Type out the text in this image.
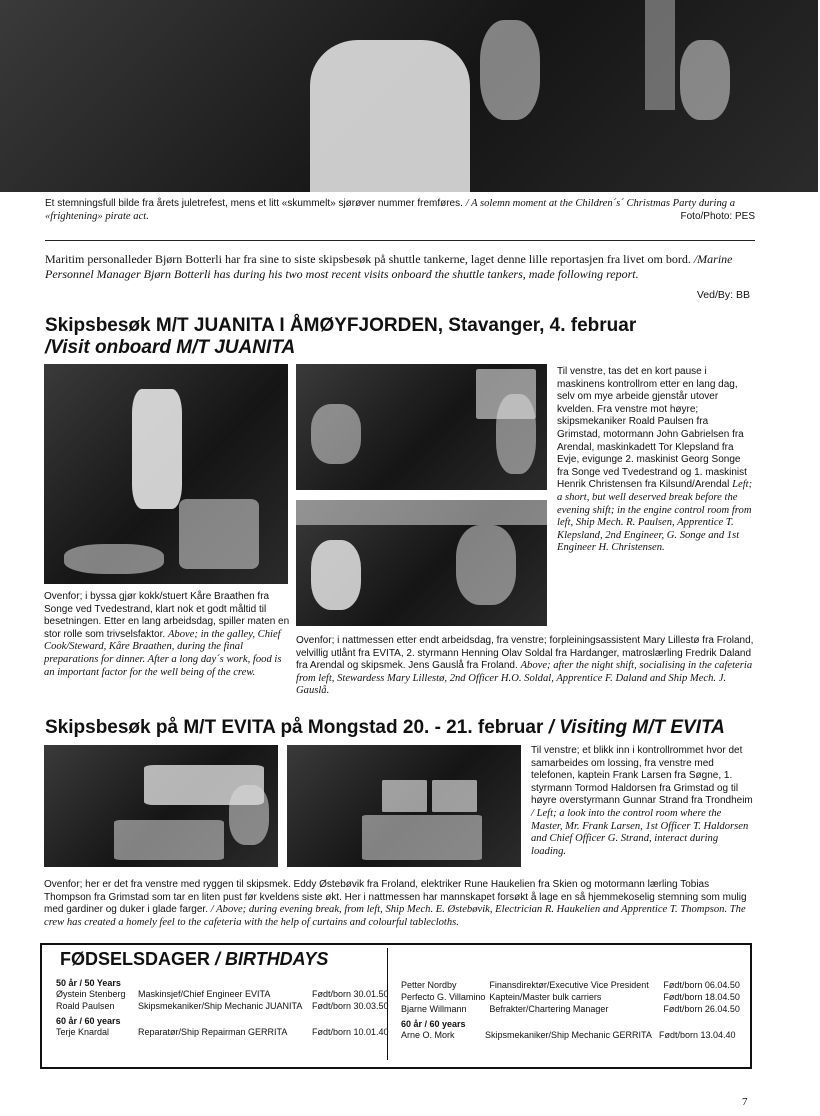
Et stemningsfull bilde fra årets juletrefest, mens et litt «skummelt» sjørøver nummer fremføres. / A solemn moment at the Children´s´ Christmas Party during a «frightening» pirate act.	Foto/Photo: PES
Maritim personalleder Bjørn Botterli har fra sine to siste skipsbesøk på shuttle tankerne, laget denne lille reportasjen fra livet om bord. /Marine Personnel Manager Bjørn Botterli has during his two most recent visits onboard the shuttle tankers, made following report.
Ved/By: BB
Skipsbesøk M/T JUANITA I ÅMØYFJORDEN, Stavanger, 4. februar
/Visit onboard M/T JUANITA
Til venstre, tas det en kort pause i maskinens kontrollrom etter en lang dag, selv om mye arbeide gjenstår utover kvelden. Fra venstre mot høyre; skipsmekaniker Roald Paulsen fra Grimstad, motormann John Gabrielsen fra Arendal, maskinkadett Tor Klepsland fra Evje, evigunge 2. maskinist Georg Songe fra Songe ved Tvedestrand og 1. maskinist Henrik Christensen fra Kilsund/Arendal Left; a short, but well deserved break before the evening shift; in the engine control room from left, Ship Mech. R. Paulsen, Apprentice T. Klepsland, 2nd Engineer, G. Songe and 1st Engineer H. Christensen.
Ovenfor; i byssa gjør kokk/stuert Kåre Braathen fra Songe ved Tvedestrand, klart nok et godt måltid til besetningen. Etter en lang arbeidsdag, spiller maten en stor rolle som trivselsfaktor. Above; in the galley, Chief Cook/Steward, Kåre Braathen, during the final preparations for dinner. After a long day´s work, food is an important factor for the well being of the crew.
Ovenfor; i nattmessen etter endt arbeidsdag, fra venstre; forpleiningsassistent Mary Lillestø fra Froland, velvillig utlånt fra EVITA, 2. styrmann Henning Olav Soldal fra Hardanger, matroslærling Fredrik Daland fra Arendal og skipsmek. Jens Gauslå fra Froland. Above; after the night shift, socialising in the cafeteria from left, Stewardess Mary Lillestø, 2nd Officer H.O. Soldal, Apprentice F. Daland and Ship Mech. J. Gauslå.
Skipsbesøk på M/T EVITA på Mongstad 20. - 21. februar / Visiting M/T EVITA
Til venstre; et blikk inn i kontrollrommet hvor det samarbeides om lossing, fra venstre med telefonen, kaptein Frank Larsen fra Søgne, 1. styrmann Tormod Haldorsen fra Grimstad og til høyre overstyrmann Gunnar Strand fra Trondheim / Left; a look into the control room where the Master, Mr. Frank Larsen, 1st Officer T. Haldorsen and Chief Officer G. Strand, interact during loading.
Ovenfor; her er det fra venstre med ryggen til skipsmek. Eddy Østebøvik fra Froland, elektriker Rune Haukelien fra Skien og motormann lærling Tobias Thompson fra Grimstad som tar en liten pust før kveldens siste økt. Her i nattmessen har mannskapet forsøkt å lage en så hjemmekoselig stemning som mulig med gardiner og duker i glade farger. / Above; during evening break, from left, Ship Mech. E. Østebøvik, Electrician R. Haukelien and Apprentice T. Thompson. The crew has created a homely feel to the cafeteria with the help of curtains and colourful tablecloths.
FØDSELSDAGER / BIRTHDAYS
50 år / 50 Years
Øystein Stenberg	Maskinsjef/Chief Engineer EVITA	Født/born 30.01.50
Roald Paulsen	Skipsmekaniker/Ship Mechanic JUANITA	Født/born 30.03.50
60 år / 60 years
Terje Knardal	Reparatør/Ship Repairman GERRITA	Født/born 10.01.40
Petter Nordby	Finansdirektør/Executive Vice President	Født/born 06.04.50
Perfecto G. Villamino	Kaptein/Master bulk carriers	Født/born 18.04.50
Bjarne Willmann	Befrakter/Chartering Manager	Født/born 26.04.50
60 år / 60 years
Arne O. Mork	Skipsmekaniker/Ship Mechanic GERRITA	Født/born 13.04.40
7
